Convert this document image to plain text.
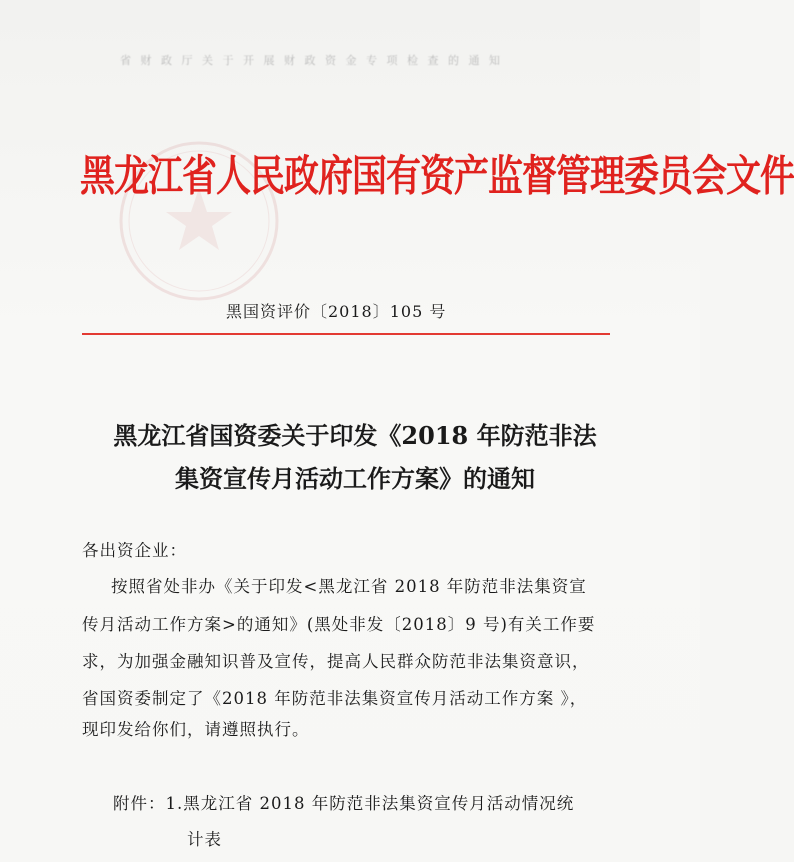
省 财 政 厅 关 于 开 展 财 政 资 金 专 项 检 查 的 通 知
黑龙江省人民政府国有资产监督管理委员会文件
黑国资评价〔2018〕105 号
黑龙江省国资委关于印发《2018 年防范非法
集资宣传月活动工作方案》的通知
各出资企业：
按照省处非办《关于印发<黑龙江省 2018 年防范非法集资宣
传月活动工作方案>的通知》(黑处非发〔2018〕9 号)有关工作要
求，为加强金融知识普及宣传，提高人民群众防范非法集资意识，
省国资委制定了《2018 年防范非法集资宣传月活动工作方案 》，
现印发给你们，请遵照执行。
附件：1.黑龙江省 2018 年防范非法集资宣传月活动情况统
计表
